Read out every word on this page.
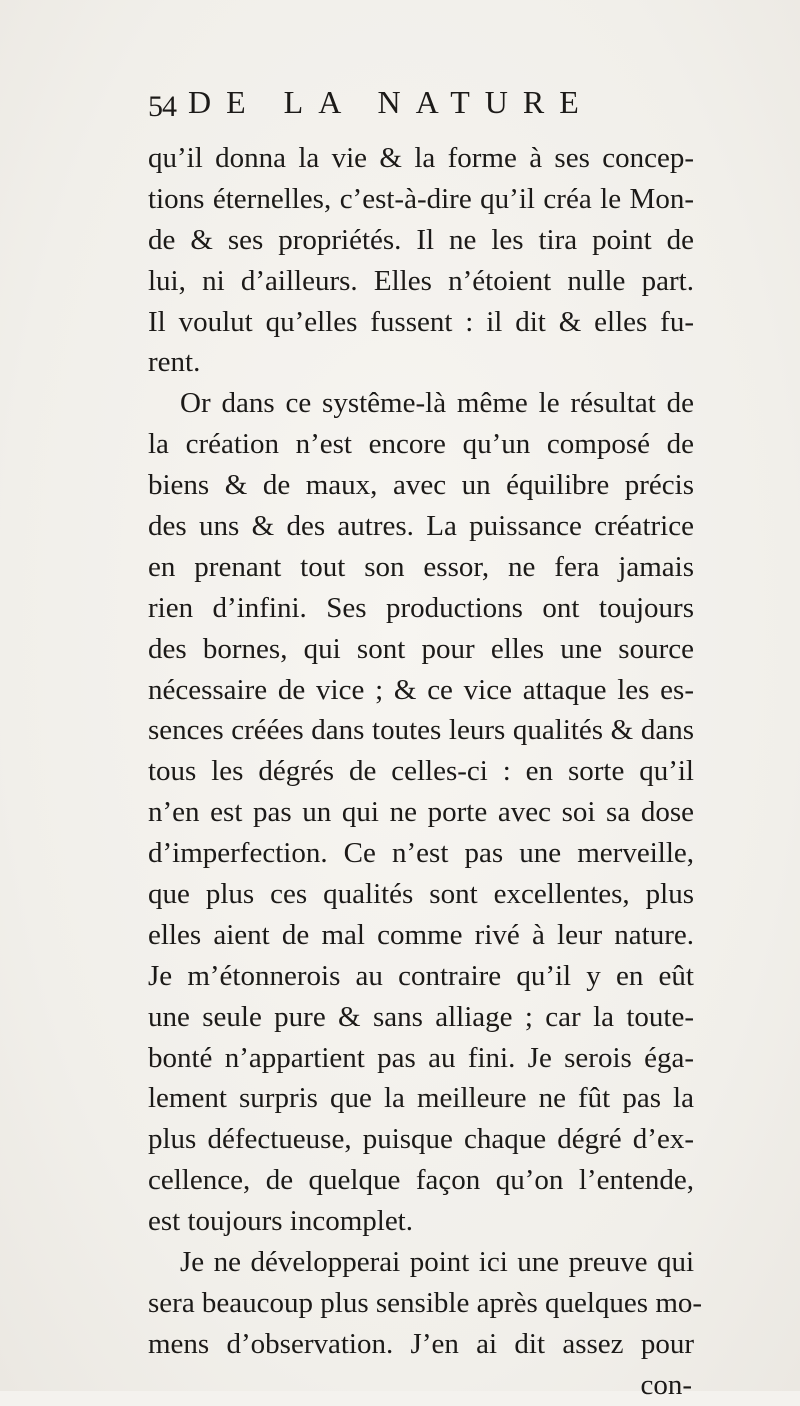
54 DE LA NATURE
qu’il donna la vie & la forme à ses concep-
tions éternelles, c’est-à-dire qu’il créa le Mon-
de & ses propriétés. Il ne les tira point de
lui, ni d’ailleurs. Elles n’étoient nulle part.
Il voulut qu’elles fussent : il dit & elles fu-
rent.
Or dans ce systême-là même le résultat de
la création n’est encore qu’un composé de
biens & de maux, avec un équilibre précis
des uns & des autres. La puissance créatrice
en prenant tout son essor, ne fera jamais
rien d’infini. Ses productions ont toujours
des bornes, qui sont pour elles une source
nécessaire de vice ; & ce vice attaque les es-
sences créées dans toutes leurs qualités & dans
tous les dégrés de celles-ci : en sorte qu’il
n’en est pas un qui ne porte avec soi sa dose
d’imperfection. Ce n’est pas une merveille,
que plus ces qualités sont excellentes, plus
elles aient de mal comme rivé à leur nature.
Je m’étonnerois au contraire qu’il y en eût
une seule pure & sans alliage ; car la toute-
bonté n’appartient pas au fini. Je serois éga-
lement surpris que la meilleure ne fût pas la
plus défectueuse, puisque chaque dégré d’ex-
cellence, de quelque façon qu’on l’entende,
est toujours incomplet.
Je ne développerai point ici une preuve qui
sera beaucoup plus sensible après quelques mo-
mens d’observation. J’en ai dit assez pour
con-
